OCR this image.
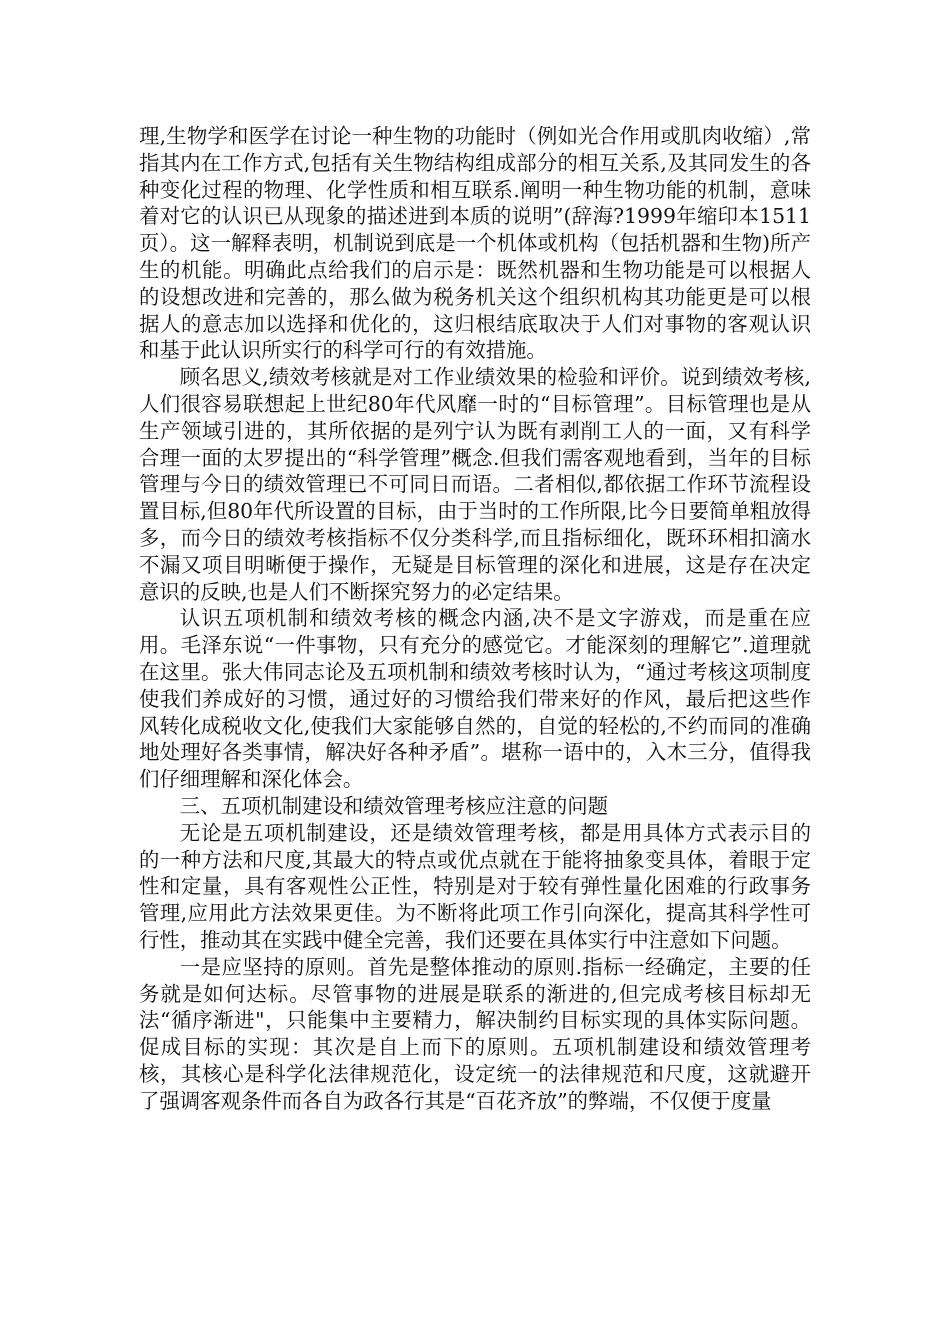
理,生物学和医学在讨论一种生物的功能时（例如光合作用或肌肉收缩）,常指其内在工作方式,包括有关生物结构组成部分的相互关系,及其同发生的各种变化过程的物理、化学性质和相互联系.阐明一种生物功能的机制，意味着对它的认识已从现象的描述进到本质的说明”(辞海?1999年缩印本1511页）。这一解释表明，机制说到底是一个机体或机构（包括机器和生物)所产生的机能。明确此点给我们的启示是：既然机器和生物功能是可以根据人的设想改进和完善的，那么做为税务机关这个组织机构其功能更是可以根据人的意志加以选择和优化的，这归根结底取决于人们对事物的客观认识和基于此认识所实行的科学可行的有效措施。

顾名思义,绩效考核就是对工作业绩效果的检验和评价。说到绩效考核,人们很容易联想起上世纪80年代风靡一时的“目标管理”。目标管理也是从生产领域引进的，其所依据的是列宁认为既有剥削工人的一面，又有科学合理一面的太罗提出的“科学管理”概念.但我们需客观地看到，当年的目标管理与今日的绩效管理已不可同日而语。二者相似,都依据工作环节流程设置目标,但80年代所设置的目标，由于当时的工作所限,比今日要简单粗放得多，而今日的绩效考核指标不仅分类科学,而且指标细化，既环环相扣滴水不漏又项目明晰便于操作，无疑是目标管理的深化和进展，这是存在决定意识的反映,也是人们不断探究努力的必定结果。

认识五项机制和绩效考核的概念内涵,决不是文字游戏，而是重在应用。毛泽东说“一件事物，只有充分的感觉它。才能深刻的理解它”.道理就在这里。张大伟同志论及五项机制和绩效考核时认为，“通过考核这项制度使我们养成好的习惯，通过好的习惯给我们带来好的作风，最后把这些作风转化成税收文化,使我们大家能够自然的，自觉的轻松的,不约而同的准确地处理好各类事情，解决好各种矛盾”。堪称一语中的，入木三分，值得我们仔细理解和深化体会。

三、五项机制建设和绩效管理考核应注意的问题

无论是五项机制建设，还是绩效管理考核，都是用具体方式表示目的的一种方法和尺度,其最大的特点或优点就在于能将抽象变具体，着眼于定性和定量，具有客观性公正性，特别是对于较有弹性量化困难的行政事务管理,应用此方法效果更佳。为不断将此项工作引向深化，提高其科学性可行性，推动其在实践中健全完善，我们还要在具体实行中注意如下问题。

一是应坚持的原则。首先是整体推动的原则.指标一经确定，主要的任务就是如何达标。尽管事物的进展是联系的渐进的,但完成考核目标却无法“循序渐进"，只能集中主要精力，解决制约目标实现的具体实际问题。促成目标的实现：其次是自上而下的原则。五项机制建设和绩效管理考核，其核心是科学化法律规范化，设定统一的法律规范和尺度，这就避开了强调客观条件而各自为政各行其是“百花齐放”的弊端，不仅便于度量
